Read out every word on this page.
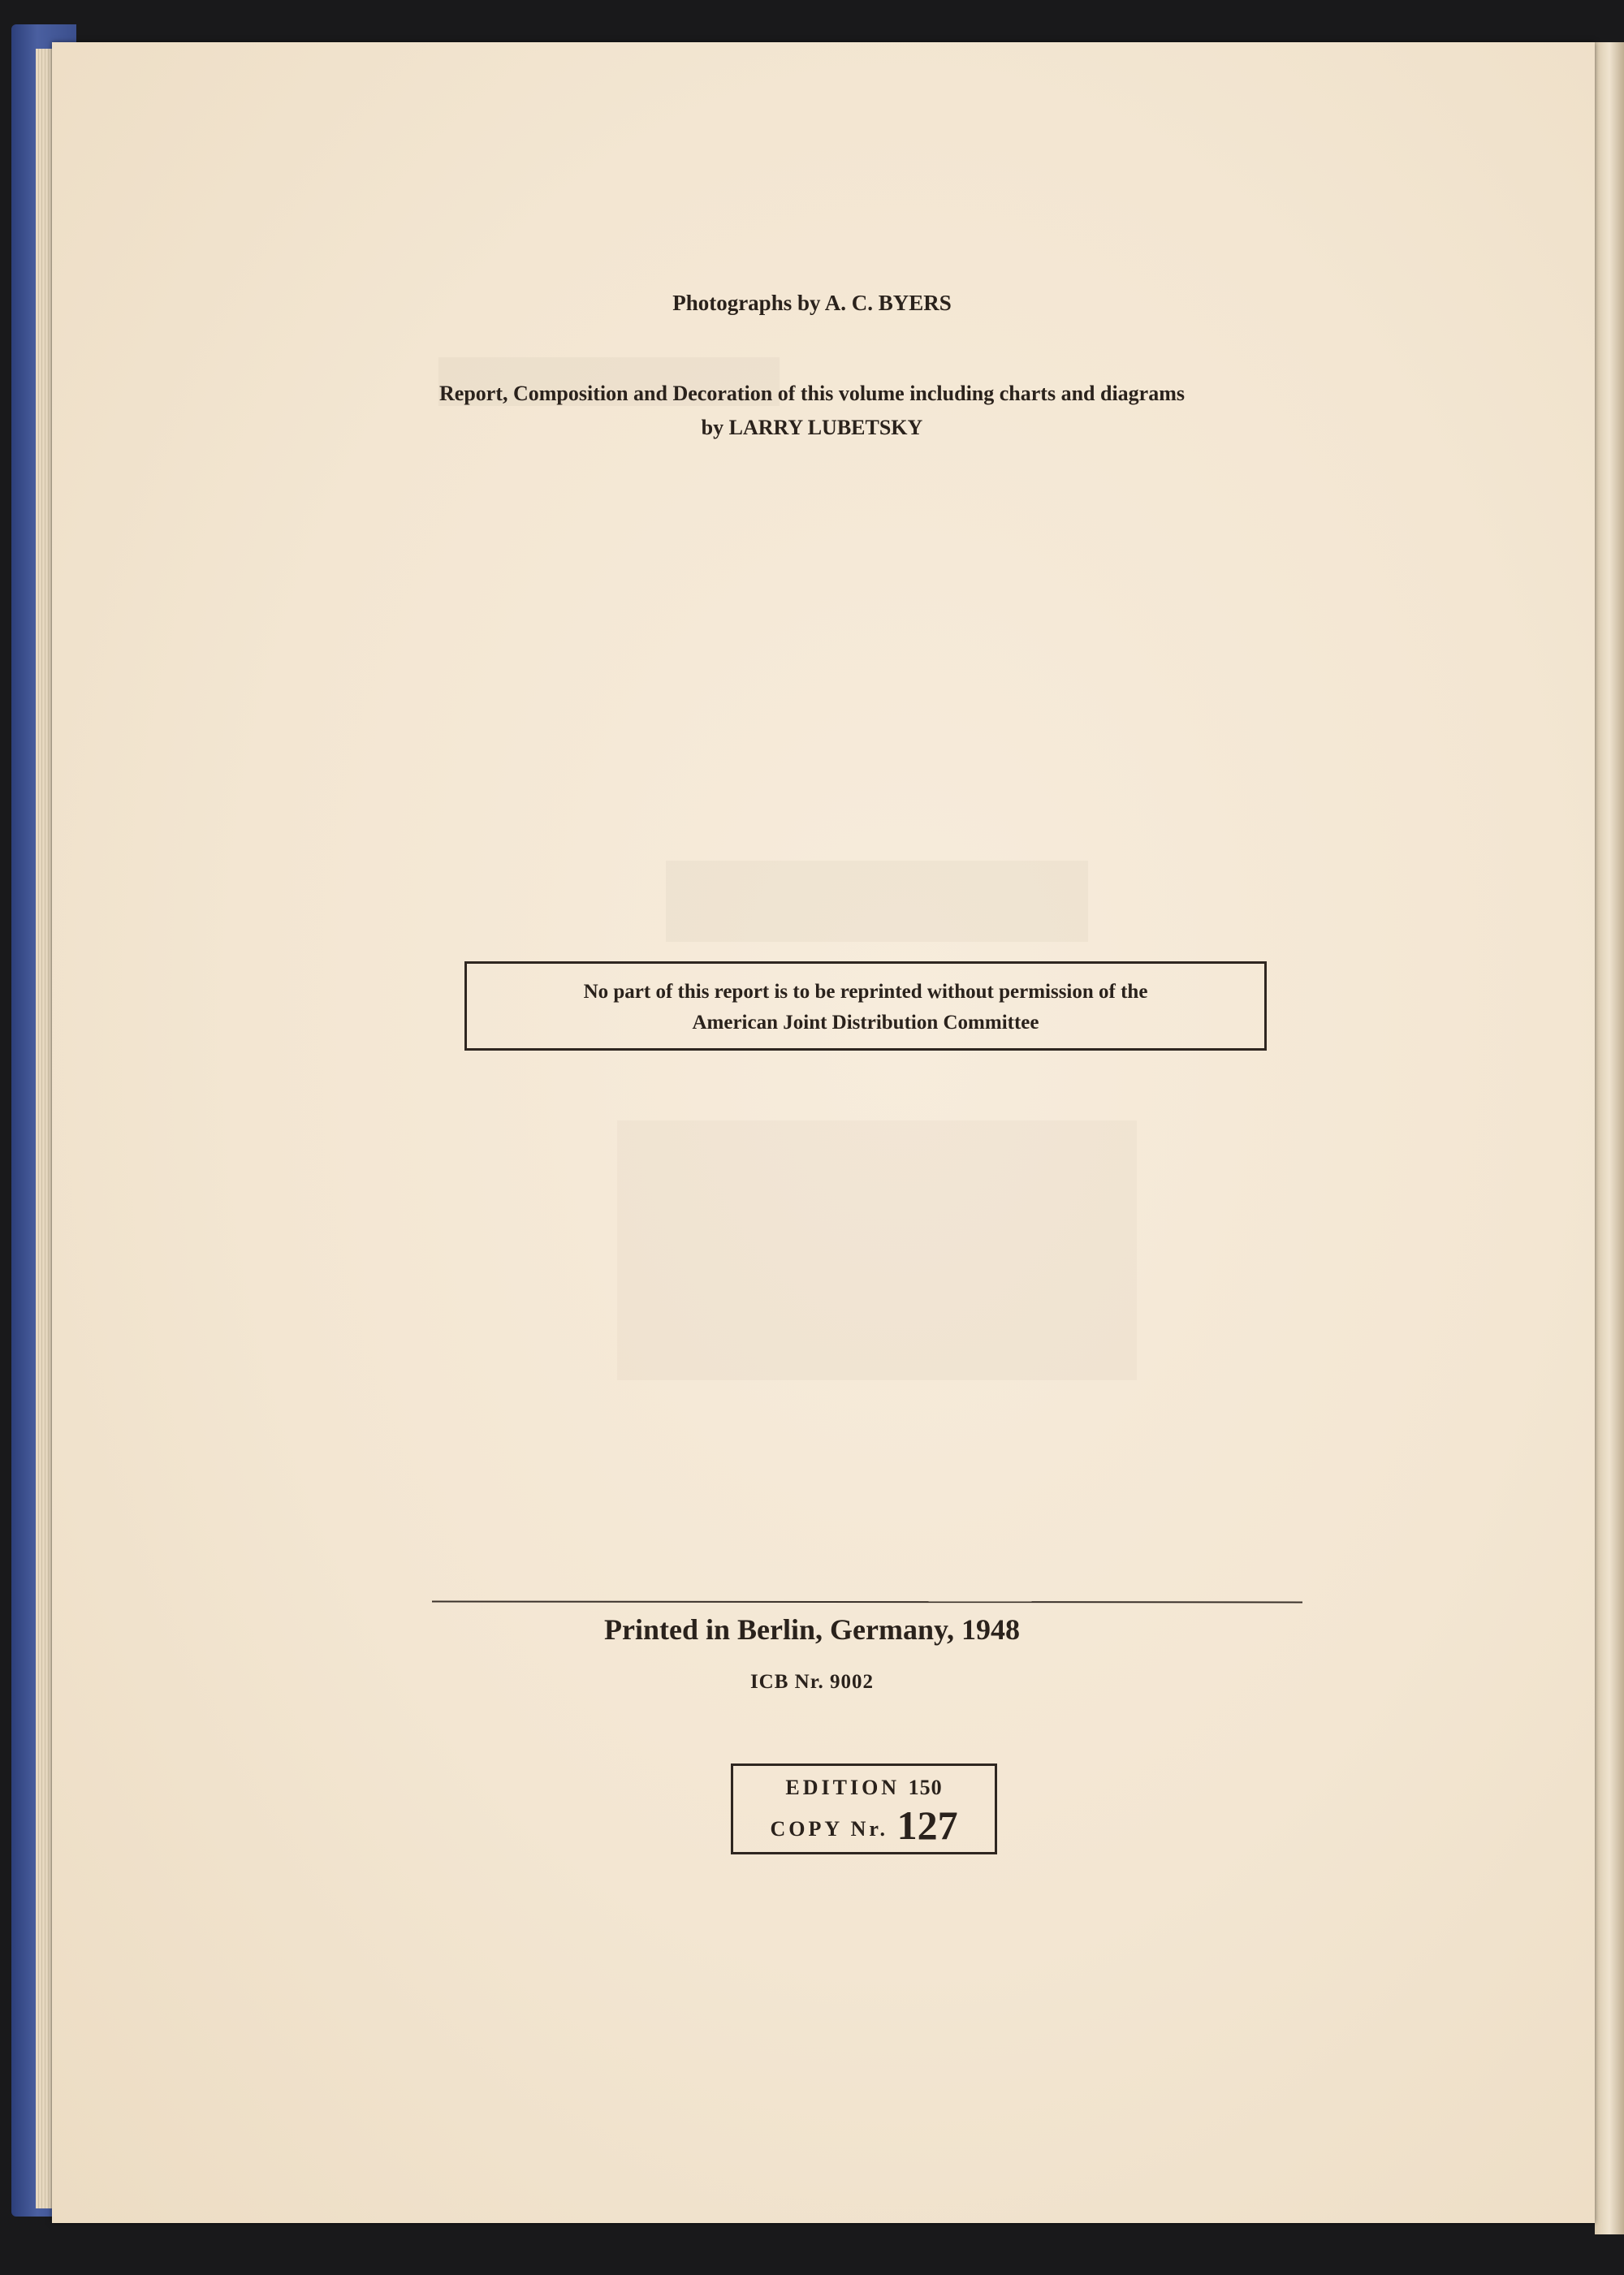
Photographs by A. C. BYERS
Report, Composition and Decoration of this volume including charts and diagrams
by LARRY LUBETSKY
No part of this report is to be reprinted without permission of the
American Joint Distribution Committee
Printed in Berlin, Germany, 1948
ICB Nr. 9002
EDITION 150
COPY Nr. 127
